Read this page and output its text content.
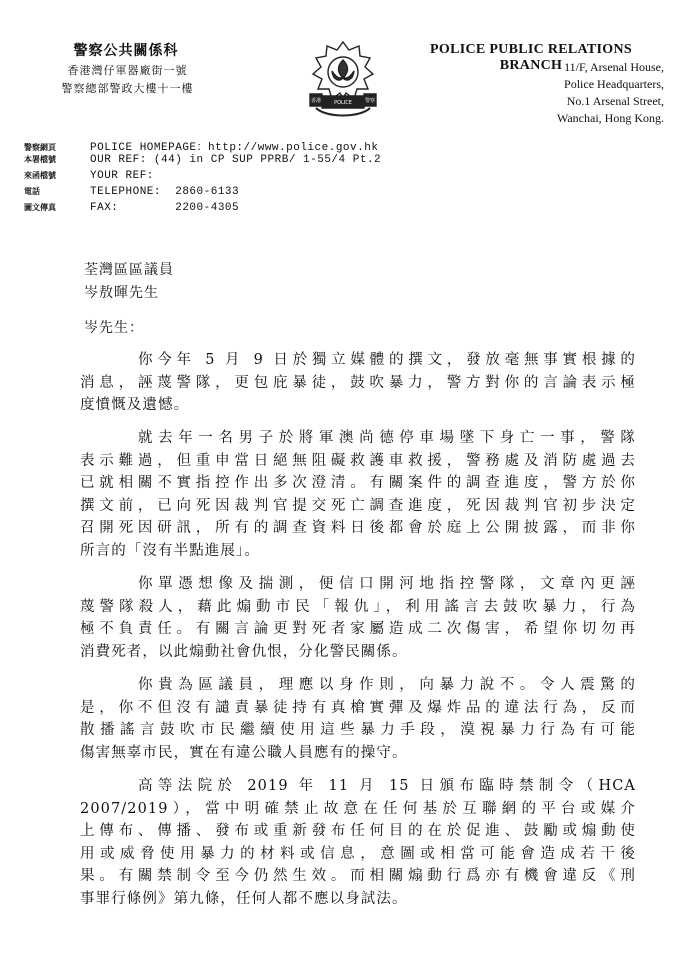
警察公共關係科
香港灣仔軍器廠街一號
警察總部警政大樓十一樓
香港	POLICE	警察
POLICE PUBLIC RELATIONS BRANCH 11/F, Arsenal House,
Police Headquarters,
No.1 Arsenal Street,
Wanchai, Hong Kong.
警察網頁	POLICE HOMEPAGE：http://www.police.gov.hk
本署檔號	OUR REF: (44) in CP SUP PPRB/ 1-55/4 Pt.2
來函檔號	YOUR REF:
電話	TELEPHONE:  2860-6133
圖文傳真	FAX:        2200-4305
荃灣區區議員
岑敖暉先生
岑先生：
你今年 5 月 9 日於獨立媒體的撰文，發放毫無事實根據的
消息，誣蔑警隊，更包庇暴徒，鼓吹暴力，警方對你的言論表示極
度憤慨及遺憾。
就去年一名男子於將軍澳尚德停車場墜下身亡一事，警隊
表示難過，但重申當日絕無阻礙救護車救援，警務處及消防處過去
已就相關不實指控作出多次澄清。有關案件的調查進度，警方於你
撰文前，已向死因裁判官提交死亡調查進度，死因裁判官初步決定
召開死因研訊，所有的調查資料日後都會於庭上公開披露，而非你
所言的「沒有半點進展」。
你單憑想像及揣測，便信口開河地指控警隊，文章內更誣
蔑警隊殺人，藉此煽動市民「報仇」，利用謠言去鼓吹暴力，行為
極不負責任。有關言論更對死者家屬造成二次傷害，希望你切勿再
消費死者，以此煽動社會仇恨，分化警民關係。
你貴為區議員，理應以身作則，向暴力說不。令人震驚的
是，你不但沒有譴責暴徒持有真槍實彈及爆炸品的違法行為，反而
散播謠言鼓吹市民繼續使用這些暴力手段，漠視暴力行為有可能
傷害無辜市民，實在有違公職人員應有的操守。
高等法院於 2019 年 11 月 15 日頒布臨時禁制令（HCA
2007/2019），當中明確禁止故意在任何基於互聯網的平台或媒介
上傳布、傳播、發布或重新發布任何目的在於促進、鼓勵或煽動使
用或威脅使用暴力的材料或信息，意圖或相當可能會造成若干後
果。有關禁制令至今仍然生效。而相關煽動行爲亦有機會違反《刑
事罪行條例》第九條，任何人都不應以身試法。
